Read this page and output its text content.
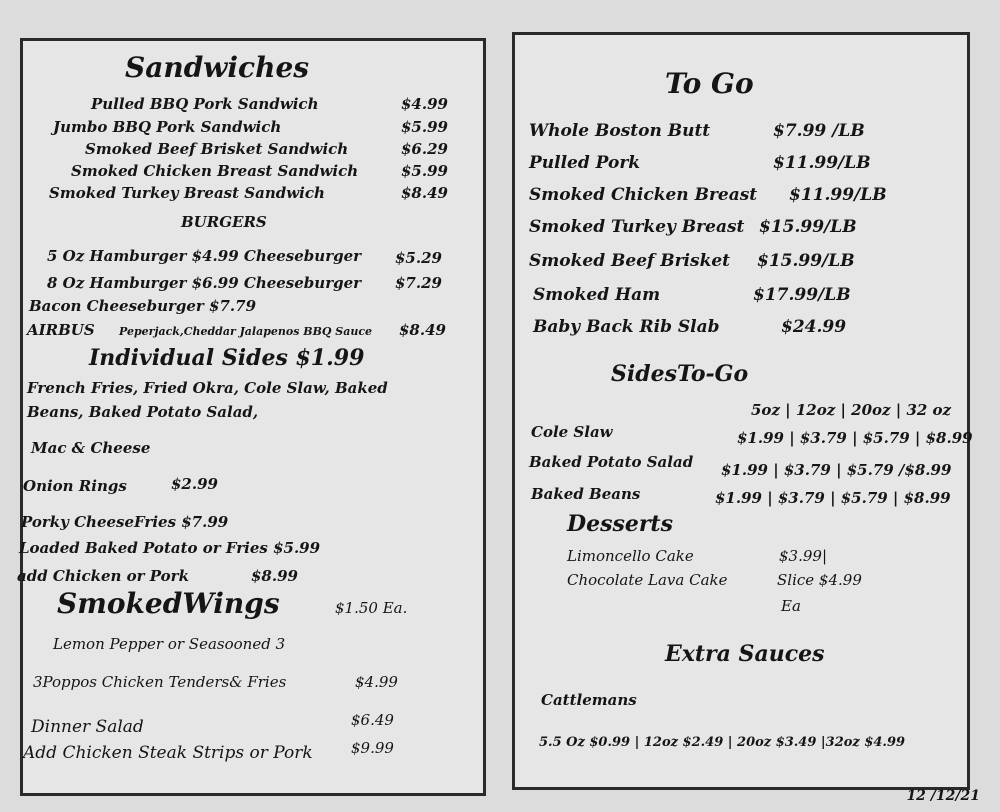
Sandwiches
Pulled BBQ Pork Sandwich	$4.99
Jumbo BBQ Pork Sandwich	$5.99
Smoked Beef Brisket Sandwich	$6.29
Smoked Chicken Breast Sandwich	$5.99
Smoked Turkey Breast Sandwich	$8.49
BURGERS
5 Oz Hamburger $4.99 Cheeseburger $5.29
8 Oz Hamburger $6.99 Cheeseburger $7.29
Bacon Cheeseburger $7.79
AIRBUS Peperjack,Cheddar Jalapenos BBQ Sauce $8.49
Individual Sides $1.99
French Fries, Fried Okra, Cole Slaw, Baked
Beans, Baked Potato Salad,
Mac & Cheese
Onion Rings	$2.99
Porky CheeseFries $7.99
Loaded Baked Potato or Fries $5.99
add Chicken or Pork	$8.99
SmokedWings	$1.50 Ea.
Lemon Pepper or Seasooned 3
3Poppos Chicken Tenders& Fries	$4.99
Dinner Salad	$6.49
Add Chicken Steak Strips or Pork	$9.99
To Go
Whole Boston Butt	$7.99 /LB
Pulled Pork	$11.99/LB
Smoked Chicken Breast $11.99/LB
Smoked Turkey Breast $15.99/LB
Smoked Beef Brisket $15.99/LB
Smoked Ham	$17.99/LB
Baby Back Rib Slab	$24.99
SidesTo-Go
5oz | 12oz | 20oz | 32 oz
Cole Slaw	$1.99 | $3.79 | $5.79 | $8.99
Baked Potato Salad $1.99 | $3.79 | $5.79 /$8.99
Baked Beans	$1.99 | $3.79 | $5.79 | $8.99
Desserts
Limoncello Cake	$3.99|
Chocolate Lava Cake	Slice $4.99
Ea
Extra Sauces
Cattlemans
5.5 Oz $0.99 | 12oz $2.49 | 20oz $3.49 |32oz $4.99
12 /12/21
